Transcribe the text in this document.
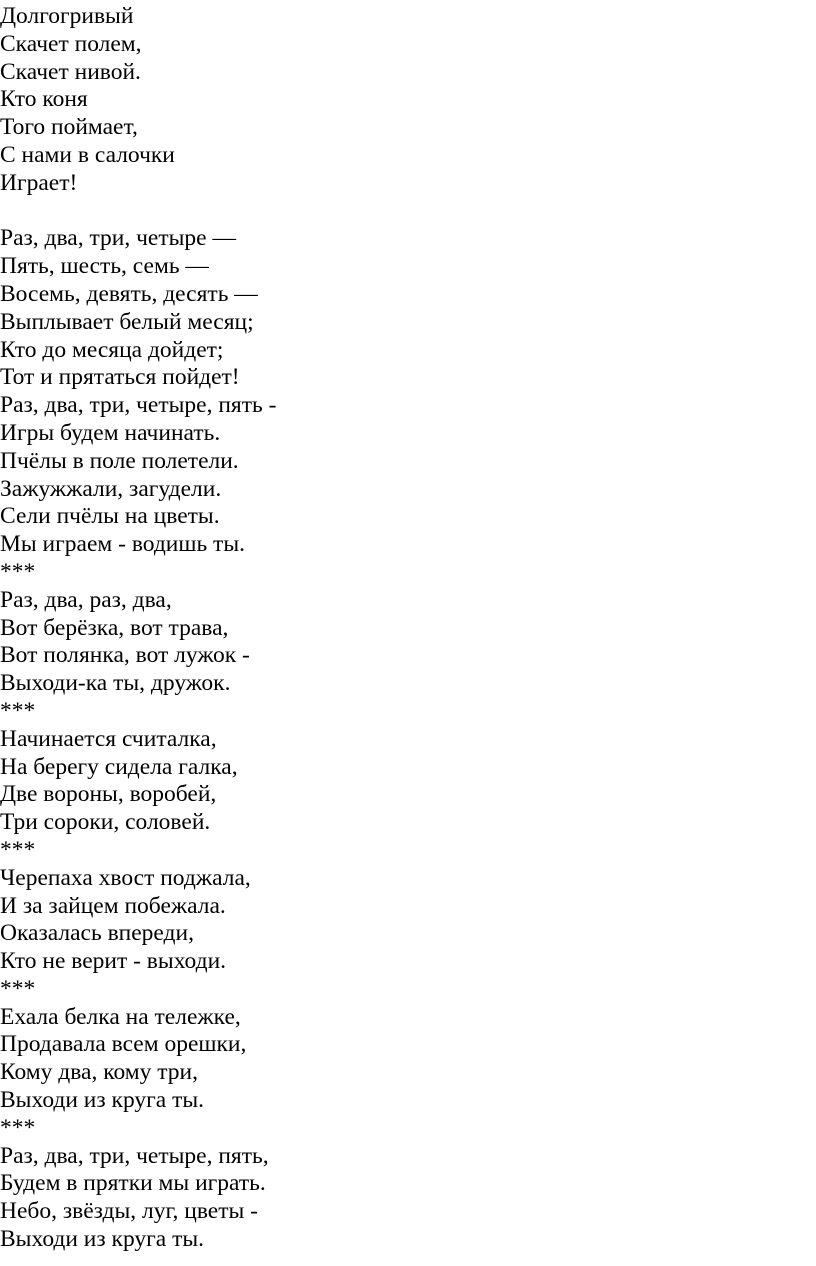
Долгогривый
Скачет полем,
Скачет нивой.
Кто коня
Того поймает,
С нами в салочки
Играет!
Раз, два, три, четыре —
Пять, шесть, семь —
Восемь, девять, десять —
Выплывает белый месяц;
Кто до месяца дойдет;
Тот и прятаться пойдет!
Раз, два, три, четыре, пять -
Игры будем начинать.
Пчёлы в поле полетели.
Зажужжали, загудели.
Сели пчёлы на цветы.
Мы играем - водишь ты.
***
Раз, два, раз, два,
Вот берёзка, вот трава,
Вот полянка, вот лужок -
Выходи-ка ты, дружок.
***
Начинается считалка,
На берегу сидела галка,
Две вороны, воробей,
Три сороки, соловей.
***
Черепаха хвост поджала,
И за зайцем побежала.
Оказалась впереди,
Кто не верит - выходи.
***
Ехала белка на тележке,
Продавала всем орешки,
Кому два, кому три,
Выходи из круга ты.
***
Раз, два, три, четыре, пять,
Будем в прятки мы играть.
Небо, звёзды, луг, цветы -
Выходи из круга ты.
